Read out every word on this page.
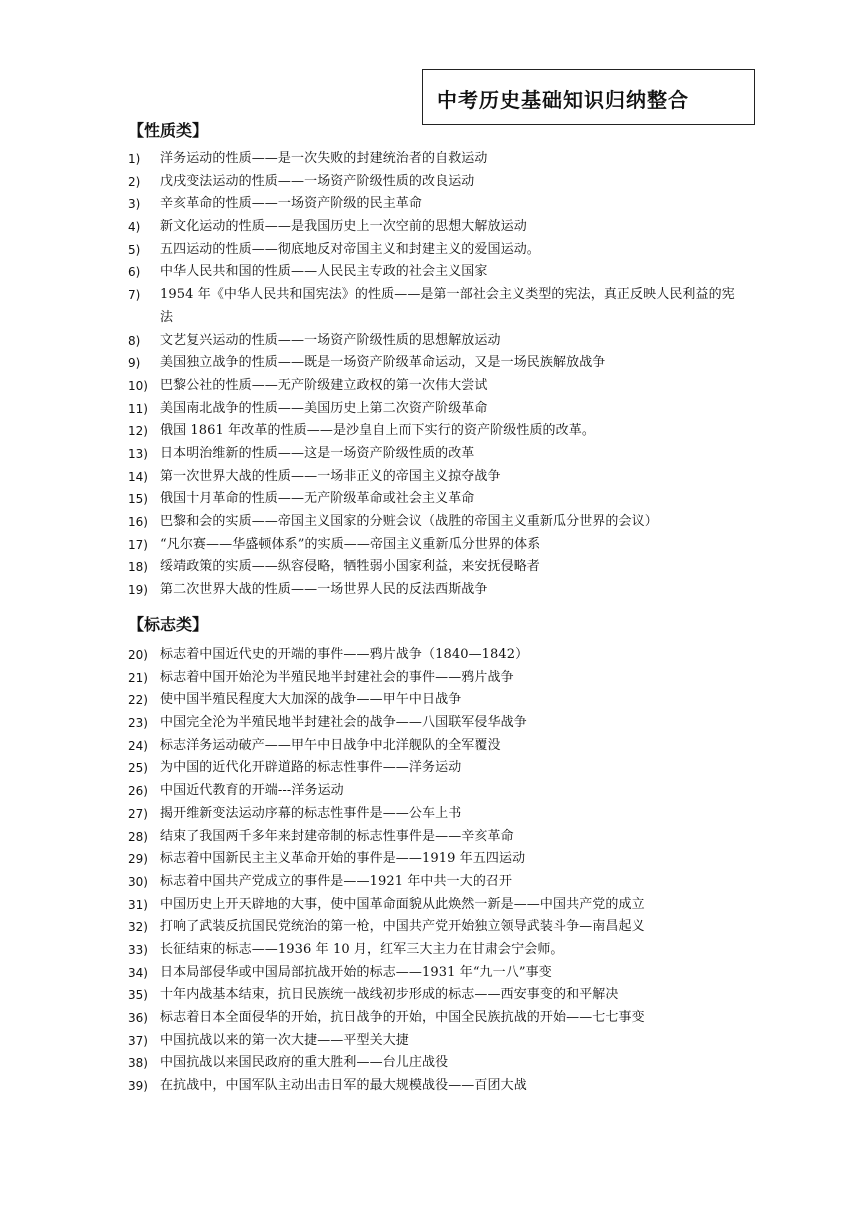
中考历史基础知识归纳整合
【性质类】
1)	洋务运动的性质——是一次失败的封建统治者的自救运动
2)	戊戌变法运动的性质——一场资产阶级性质的改良运动
3)	辛亥革命的性质——一场资产阶级的民主革命
4)	新文化运动的性质——是我国历史上一次空前的思想大解放运动
5)	五四运动的性质——彻底地反对帝国主义和封建主义的爱国运动。
6)	中华人民共和国的性质——人民民主专政的社会主义国家
7)	1954 年《中华人民共和国宪法》的性质——是第一部社会主义类型的宪法，真正反映人民利益的宪法
8)	文艺复兴运动的性质——一场资产阶级性质的思想解放运动
9)	美国独立战争的性质——既是一场资产阶级革命运动，又是一场民族解放战争
10) 巴黎公社的性质——无产阶级建立政权的第一次伟大尝试
11) 美国南北战争的性质——美国历史上第二次资产阶级革命
12) 俄国 1861 年改革的性质——是沙皇自上而下实行的资产阶级性质的改革。
13) 日本明治维新的性质——这是一场资产阶级性质的改革
14) 第一次世界大战的性质——一场非正义的帝国主义掠夺战争
15) 俄国十月革命的性质——无产阶级革命或社会主义革命
16) 巴黎和会的实质——帝国主义国家的分赃会议（战胜的帝国主义重新瓜分世界的会议）
17) “凡尔赛——华盛顿体系”的实质——帝国主义重新瓜分世界的体系
18) 绥靖政策的实质——纵容侵略，牺牲弱小国家利益，来安抚侵略者
19) 第二次世界大战的性质——一场世界人民的反法西斯战争
【标志类】
20) 标志着中国近代史的开端的事件——鸦片战争（1840—1842）
21) 标志着中国开始沦为半殖民地半封建社会的事件——鸦片战争
22) 使中国半殖民程度大大加深的战争——甲午中日战争
23) 中国完全沦为半殖民地半封建社会的战争——八国联军侵华战争
24) 标志洋务运动破产——甲午中日战争中北洋舰队的全军覆没
25) 为中国的近代化开辟道路的标志性事件——洋务运动
26) 中国近代教育的开端---洋务运动
27) 揭开维新变法运动序幕的标志性事件是——公车上书
28) 结束了我国两千多年来封建帝制的标志性事件是——辛亥革命
29) 标志着中国新民主主义革命开始的事件是——1919 年五四运动
30) 标志着中国共产党成立的事件是——1921 年中共一大的召开
31) 中国历史上开天辟地的大事，使中国革命面貌从此焕然一新是——中国共产党的成立
32) 打响了武装反抗国民党统治的第一枪，中国共产党开始独立领导武装斗争—南昌起义
33) 长征结束的标志——1936 年 10 月，红军三大主力在甘肃会宁会师。
34) 日本局部侵华或中国局部抗战开始的标志——1931 年“九一八”事变
35) 十年内战基本结束，抗日民族统一战线初步形成的标志——西安事变的和平解决
36) 标志着日本全面侵华的开始，抗日战争的开始，中国全民族抗战的开始——七七事变
37) 中国抗战以来的第一次大捷——平型关大捷
38) 中国抗战以来国民政府的重大胜利——台儿庄战役
39) 在抗战中，中国军队主动出击日军的最大规模战役——百团大战
